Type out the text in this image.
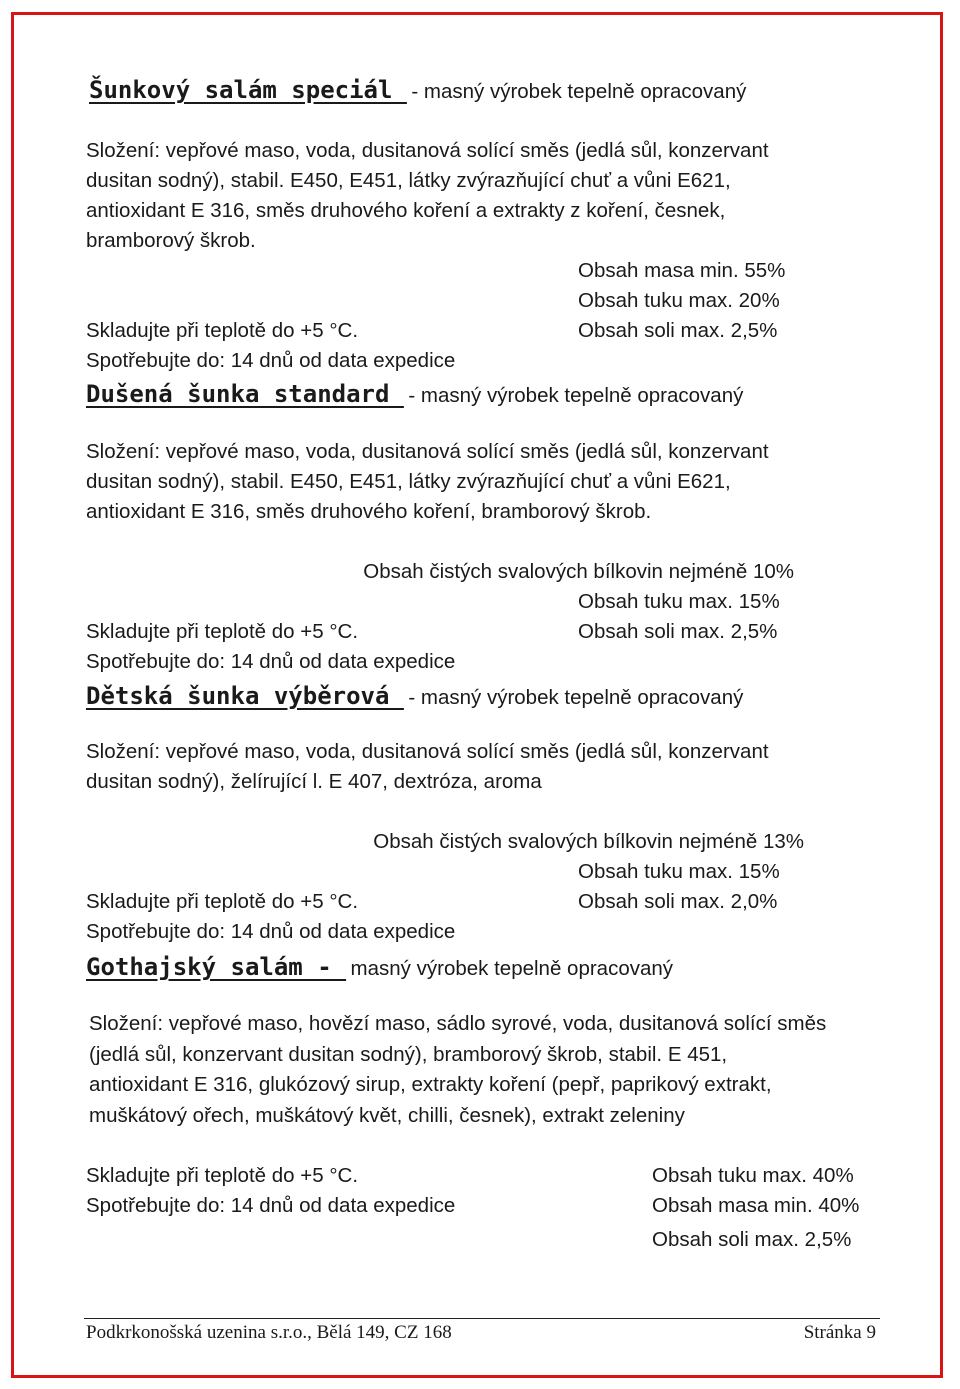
Šunkový salám speciál  - masný výrobek tepelně opracovaný
Složení: vepřové maso, voda, dusitanová solící směs (jedlá sůl, konzervant
dusitan sodný), stabil. E450, E451, látky zvýrazňující chuť a vůni E621,
antioxidant E 316, směs druhového koření a extrakty z koření, česnek,
bramborový škrob.
Obsah masa min. 55%
Obsah tuku max. 20%
Obsah soli max. 2,5%
Skladujte při teplotě do +5 °C.
Spotřebujte do: 14 dnů od data expedice
Dušená šunka standard  - masný výrobek tepelně opracovaný
Složení: vepřové maso, voda, dusitanová solící směs (jedlá sůl, konzervant
dusitan sodný), stabil. E450, E451, látky zvýrazňující chuť a vůni E621,
antioxidant E 316, směs druhového koření, bramborový škrob.
Obsah čistých svalových bílkovin nejméně 10%
Obsah tuku max. 15%
Obsah soli max. 2,5%
Skladujte při teplotě do +5 °C.
Spotřebujte do: 14 dnů od data expedice
Dětská šunka výběrová  - masný výrobek tepelně opracovaný
Složení: vepřové maso, voda, dusitanová solící směs (jedlá sůl, konzervant
dusitan sodný), želírující l. E 407, dextróza, aroma
Obsah čistých svalových bílkovin nejméně 13%
Obsah tuku max. 15%
Obsah soli max. 2,0%
Skladujte při teplotě do +5 °C.
Spotřebujte do: 14 dnů od data expedice
Gothajský salám -  masný výrobek tepelně opracovaný
Složení: vepřové maso, hovězí maso, sádlo syrové, voda, dusitanová solící směs
(jedlá sůl, konzervant dusitan sodný), bramborový škrob, stabil. E 451,
antioxidant E 316, glukózový sirup, extrakty koření (pepř, paprikový extrakt,
muškátový ořech, muškátový květ, chilli, česnek), extrakt zeleniny
Skladujte při teplotě do +5 °C.
Spotřebujte do: 14 dnů od data expedice
Obsah tuku max. 40%
Obsah masa min. 40%
Obsah soli max. 2,5%
Podkrkonošská uzenina s.r.o., Bělá 149, CZ 168	Stránka 9
